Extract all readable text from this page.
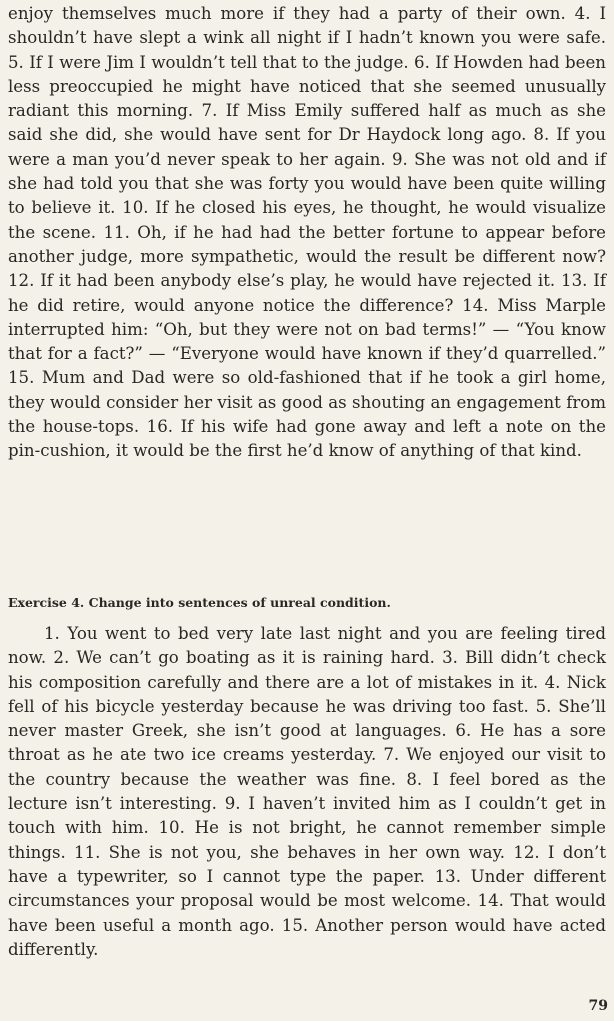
enjoy themselves much more if they had a party of their own. 4. I shouldn’t have slept a wink all night if I hadn’t known you were safe. 5. If I were Jim I wouldn’t tell that to the judge. 6. If Howden had been less preoccupied he might have noticed that she seemed unusually radiant this morning. 7. If Miss Emily suffered half as much as she said she did, she would have sent for Dr Haydock long ago. 8. If you were a man you’d never speak to her again. 9. She was not old and if she had told you that she was forty you would have been quite willing to believe it. 10. If he closed his eyes, he thought, he would visualize the scene. 11. Oh, if he had had the better fortune to appear before another judge, more sympathetic, would the result be different now? 12. If it had been anybody else’s play, he would have rejected it. 13. If he did retire, would anyone notice the difference? 14. Miss Marple interrupted him: “Oh, but they were not on bad terms!” — “You know that for a fact?” — “Everyone would have known if they’d quarrelled.” 15. Mum and Dad were so old-fashioned that if he took a girl home, they would consider her visit as good as shouting an engagement from the house-tops. 16. If his wife had gone away and left a note on the pin-cushion, it would be the first he’d know of anything of that kind.

Exercise 4. Change into sentences of unreal condition.

1. You went to bed very late last night and you are feeling tired now. 2. We can’t go boating as it is raining hard. 3. Bill didn’t check his composition carefully and there are a lot of mistakes in it. 4. Nick fell of his bicycle yesterday because he was driving too fast. 5. She’ll never master Greek, she isn’t good at languages. 6. He has a sore throat as he ate two ice creams yesterday. 7. We enjoyed our visit to the country because the weather was fine. 8. I feel bored as the lecture isn’t interesting. 9. I haven’t invited him as I couldn’t get in touch with him. 10. He is not bright, he cannot remember simple things. 11. She is not you, she behaves in her own way. 12. I don’t have a typewriter, so I cannot type the paper. 13. Under different circumstances your proposal would be most welcome. 14. That would have been useful a month ago. 15. Another person would have acted differently.

79
